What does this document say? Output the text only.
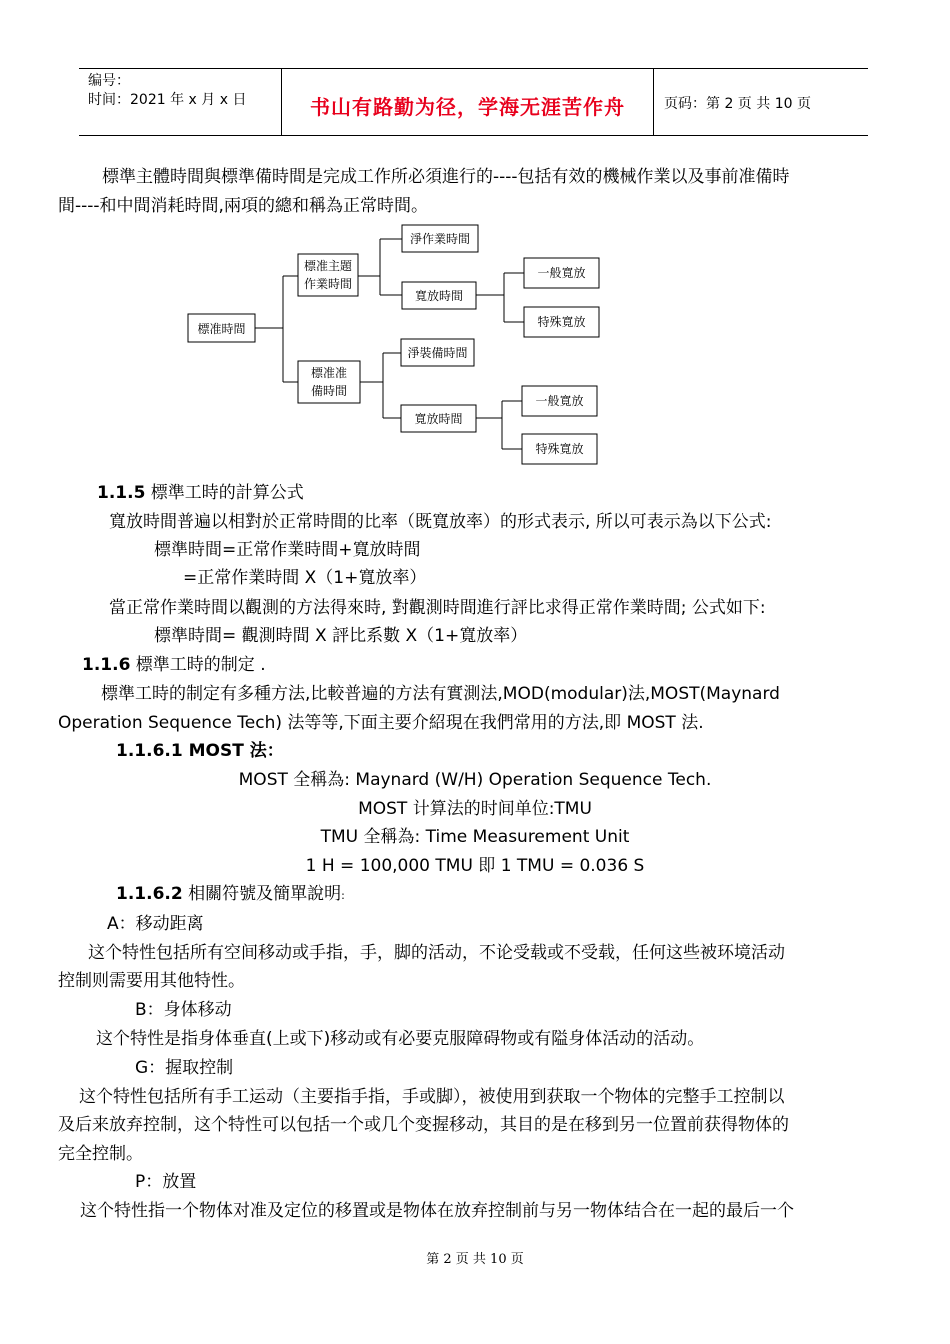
编号：
时间：2021 年 x 月 x 日	书山有路勤为径，学海无涯苦作舟	页码：第 2 页 共 10 页
標準主體時間與標準備時間是完成工作所必須進行的----包括有效的機械作業以及事前准備時
間----和中間消耗時間,兩項的總和稱為正常時間。
標准時間
標准主題
作業時間
淨作業時間
寬放時間
一般寬放
特殊寬放
標准准
備時間
淨裝備時間
寬放時間
一般寬放
特殊寬放
1.1.5 標準工時的計算公式
寬放時間普遍以相對於正常時間的比率（既寬放率）的形式表示, 所以可表示為以下公式:
標準時間=正常作業時間+寬放時間
=正常作業時間 X（1+寬放率）
當正常作業時間以觀測的方法得來時, 對觀測時間進行評比求得正常作業時間; 公式如下:
標準時間= 觀測時間 X 評比系數 X（1+寬放率）
1.1.6 標準工時的制定 .
標準工時的制定有多種方法,比較普遍的方法有實測法,MOD(modular)法,MOST(Maynard
Operation Sequence Tech) 法等等,下面主要介紹現在我們常用的方法,即 MOST 法.
1.1.6.1 MOST 法：
MOST 全稱為: Maynard (W/H) Operation Sequence Tech.
MOST 计算法的时间单位:TMU
TMU 全稱為: Time Measurement Unit
1 H = 100,000 TMU 即 1 TMU = 0.036 S
1.1.6.2 相關符號及簡單說明:
A：移动距离
这个特性包括所有空间移动或手指，手，脚的活动，不论受载或不受载，任何这些被环境活动
控制则需要用其他特性。
B：身体移动
这个特性是指身体垂直(上或下)移动或有必要克服障碍物或有隘身体活动的活动。
G：握取控制
这个特性包括所有手工运动（主要指手指，手或脚），被使用到获取一个物体的完整手工控制以
及后来放弃控制，这个特性可以包括一个或几个变握移动，其目的是在移到另一位置前获得物体的
完全控制。
P：放置
这个特性指一个物体对准及定位的移置或是物体在放弃控制前与另一物体结合在一起的最后一个
第 2 页 共 10 页
